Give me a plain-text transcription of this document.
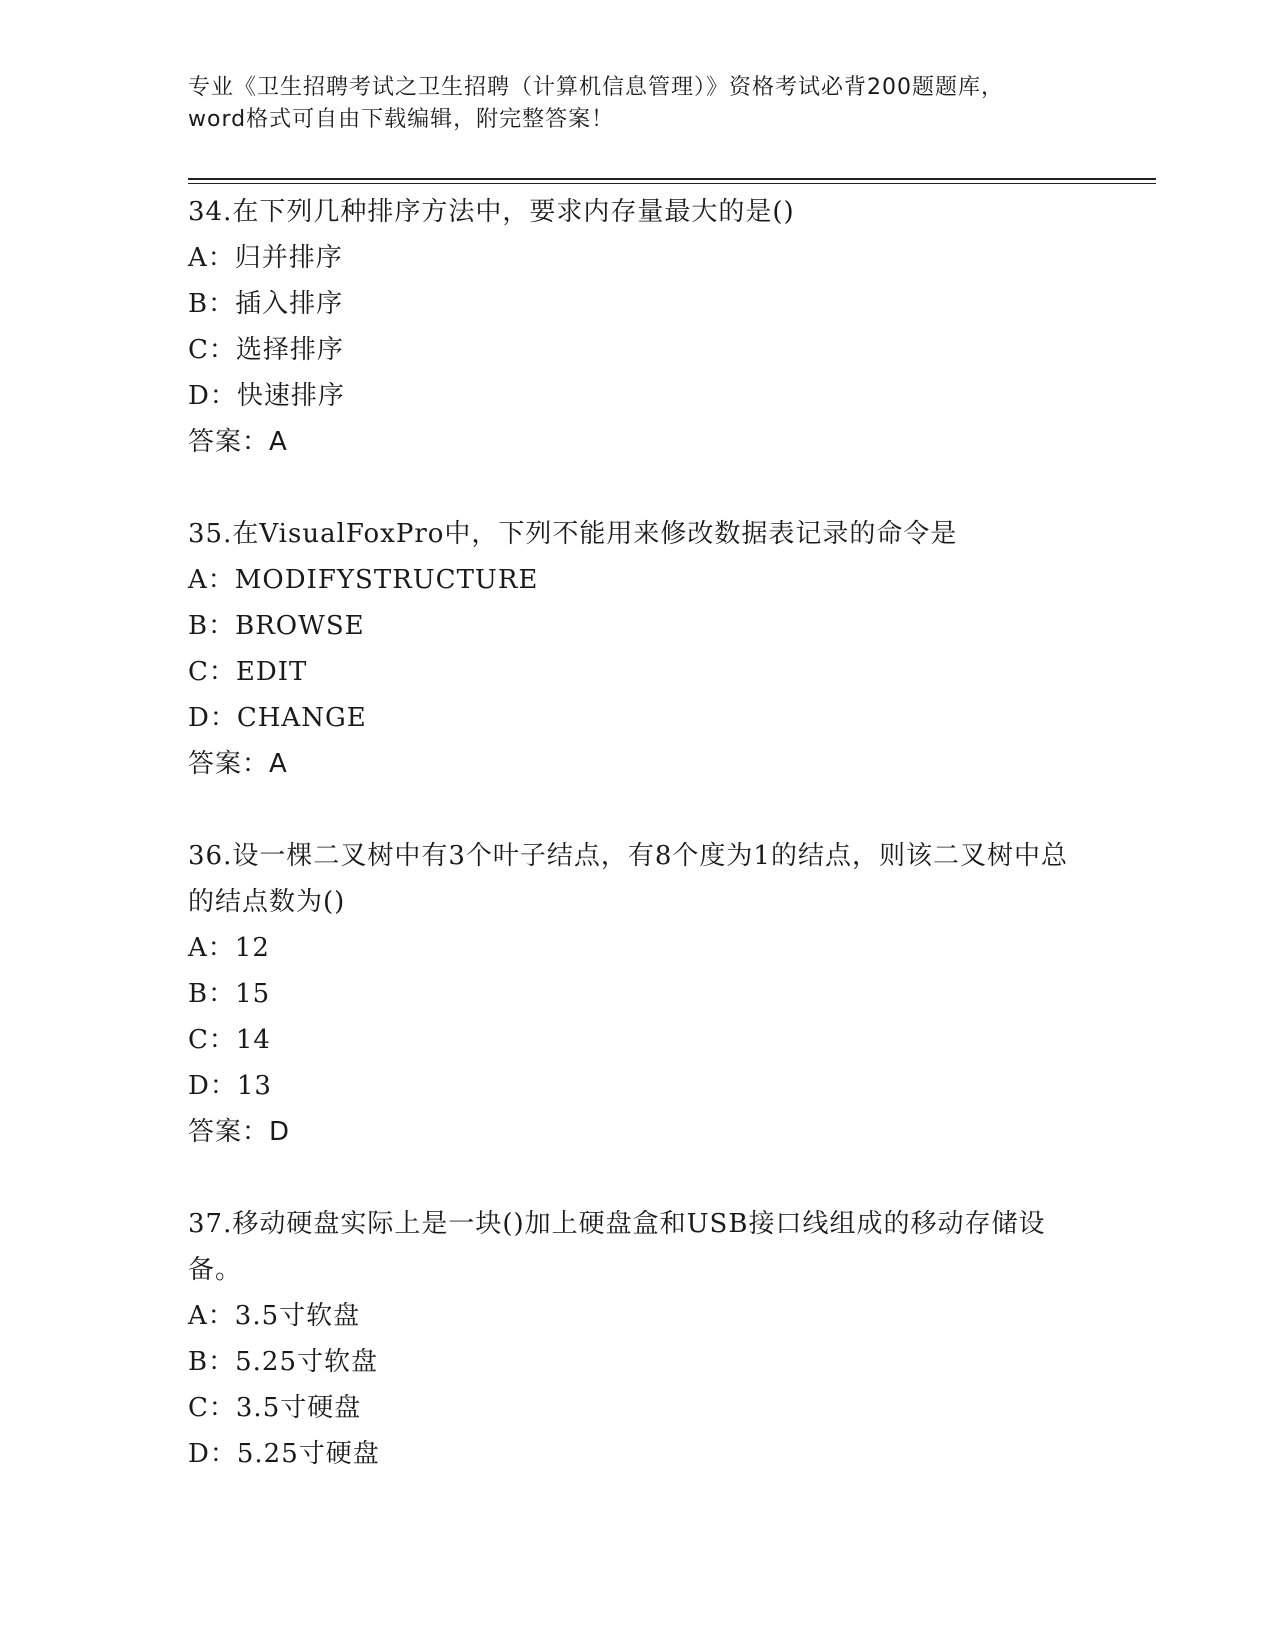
专业《卫生招聘考试之卫生招聘（计算机信息管理）》资格考试必背200题题库，
word格式可自由下载编辑，附完整答案！

34.在下列几种排序方法中，要求内存量最大的是()

A：归并排序

B：插入排序

C：选择排序

D：快速排序

答案：A

35.在VisualFoxPro中，下列不能用来修改数据表记录的命令是

A：MODIFYSTRUCTURE

B：BROWSE

C：EDIT

D：CHANGE

答案：A

36.设一棵二叉树中有3个叶子结点，有8个度为1的结点，则该二叉树中总的结点数为()

A：12

B：15

C：14

D：13

答案：D

37.移动硬盘实际上是一块()加上硬盘盒和USB接口线组成的移动存储设备。

A：3.5寸软盘

B：5.25寸软盘

C：3.5寸硬盘

D：5.25寸硬盘
